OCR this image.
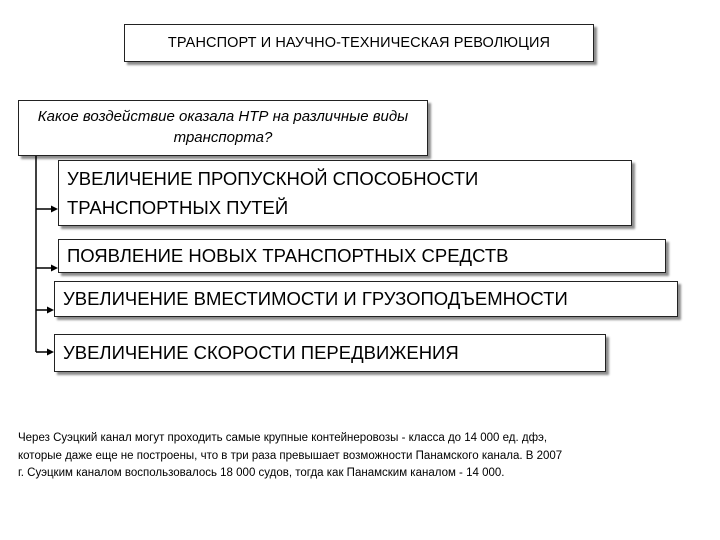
ТРАНСПОРТ И НАУЧНО-ТЕХНИЧЕСКАЯ РЕВОЛЮЦИЯ
Какое воздействие оказала НТР на различные виды транспорта?
УВЕЛИЧЕНИЕ ПРОПУСКНОЙ СПОСОБНОСТИ
ТРАНСПОРТНЫХ ПУТЕЙ
ПОЯВЛЕНИЕ НОВЫХ ТРАНСПОРТНЫХ СРЕДСТВ
УВЕЛИЧЕНИЕ ВМЕСТИМОСТИ И ГРУЗОПОДЪЕМНОСТИ
УВЕЛИЧЕНИЕ СКОРОСТИ ПЕРЕДВИЖЕНИЯ
Через Суэцкий канал могут проходить самые крупные контейнеровозы - класса до 14 000 ед. дфэ,
которые даже еще не построены, что в три раза превышает возможности Панамского канала. В 2007
г. Суэцким каналом воспользовалось 18 000 судов, тогда как Панамским каналом - 14 000.
